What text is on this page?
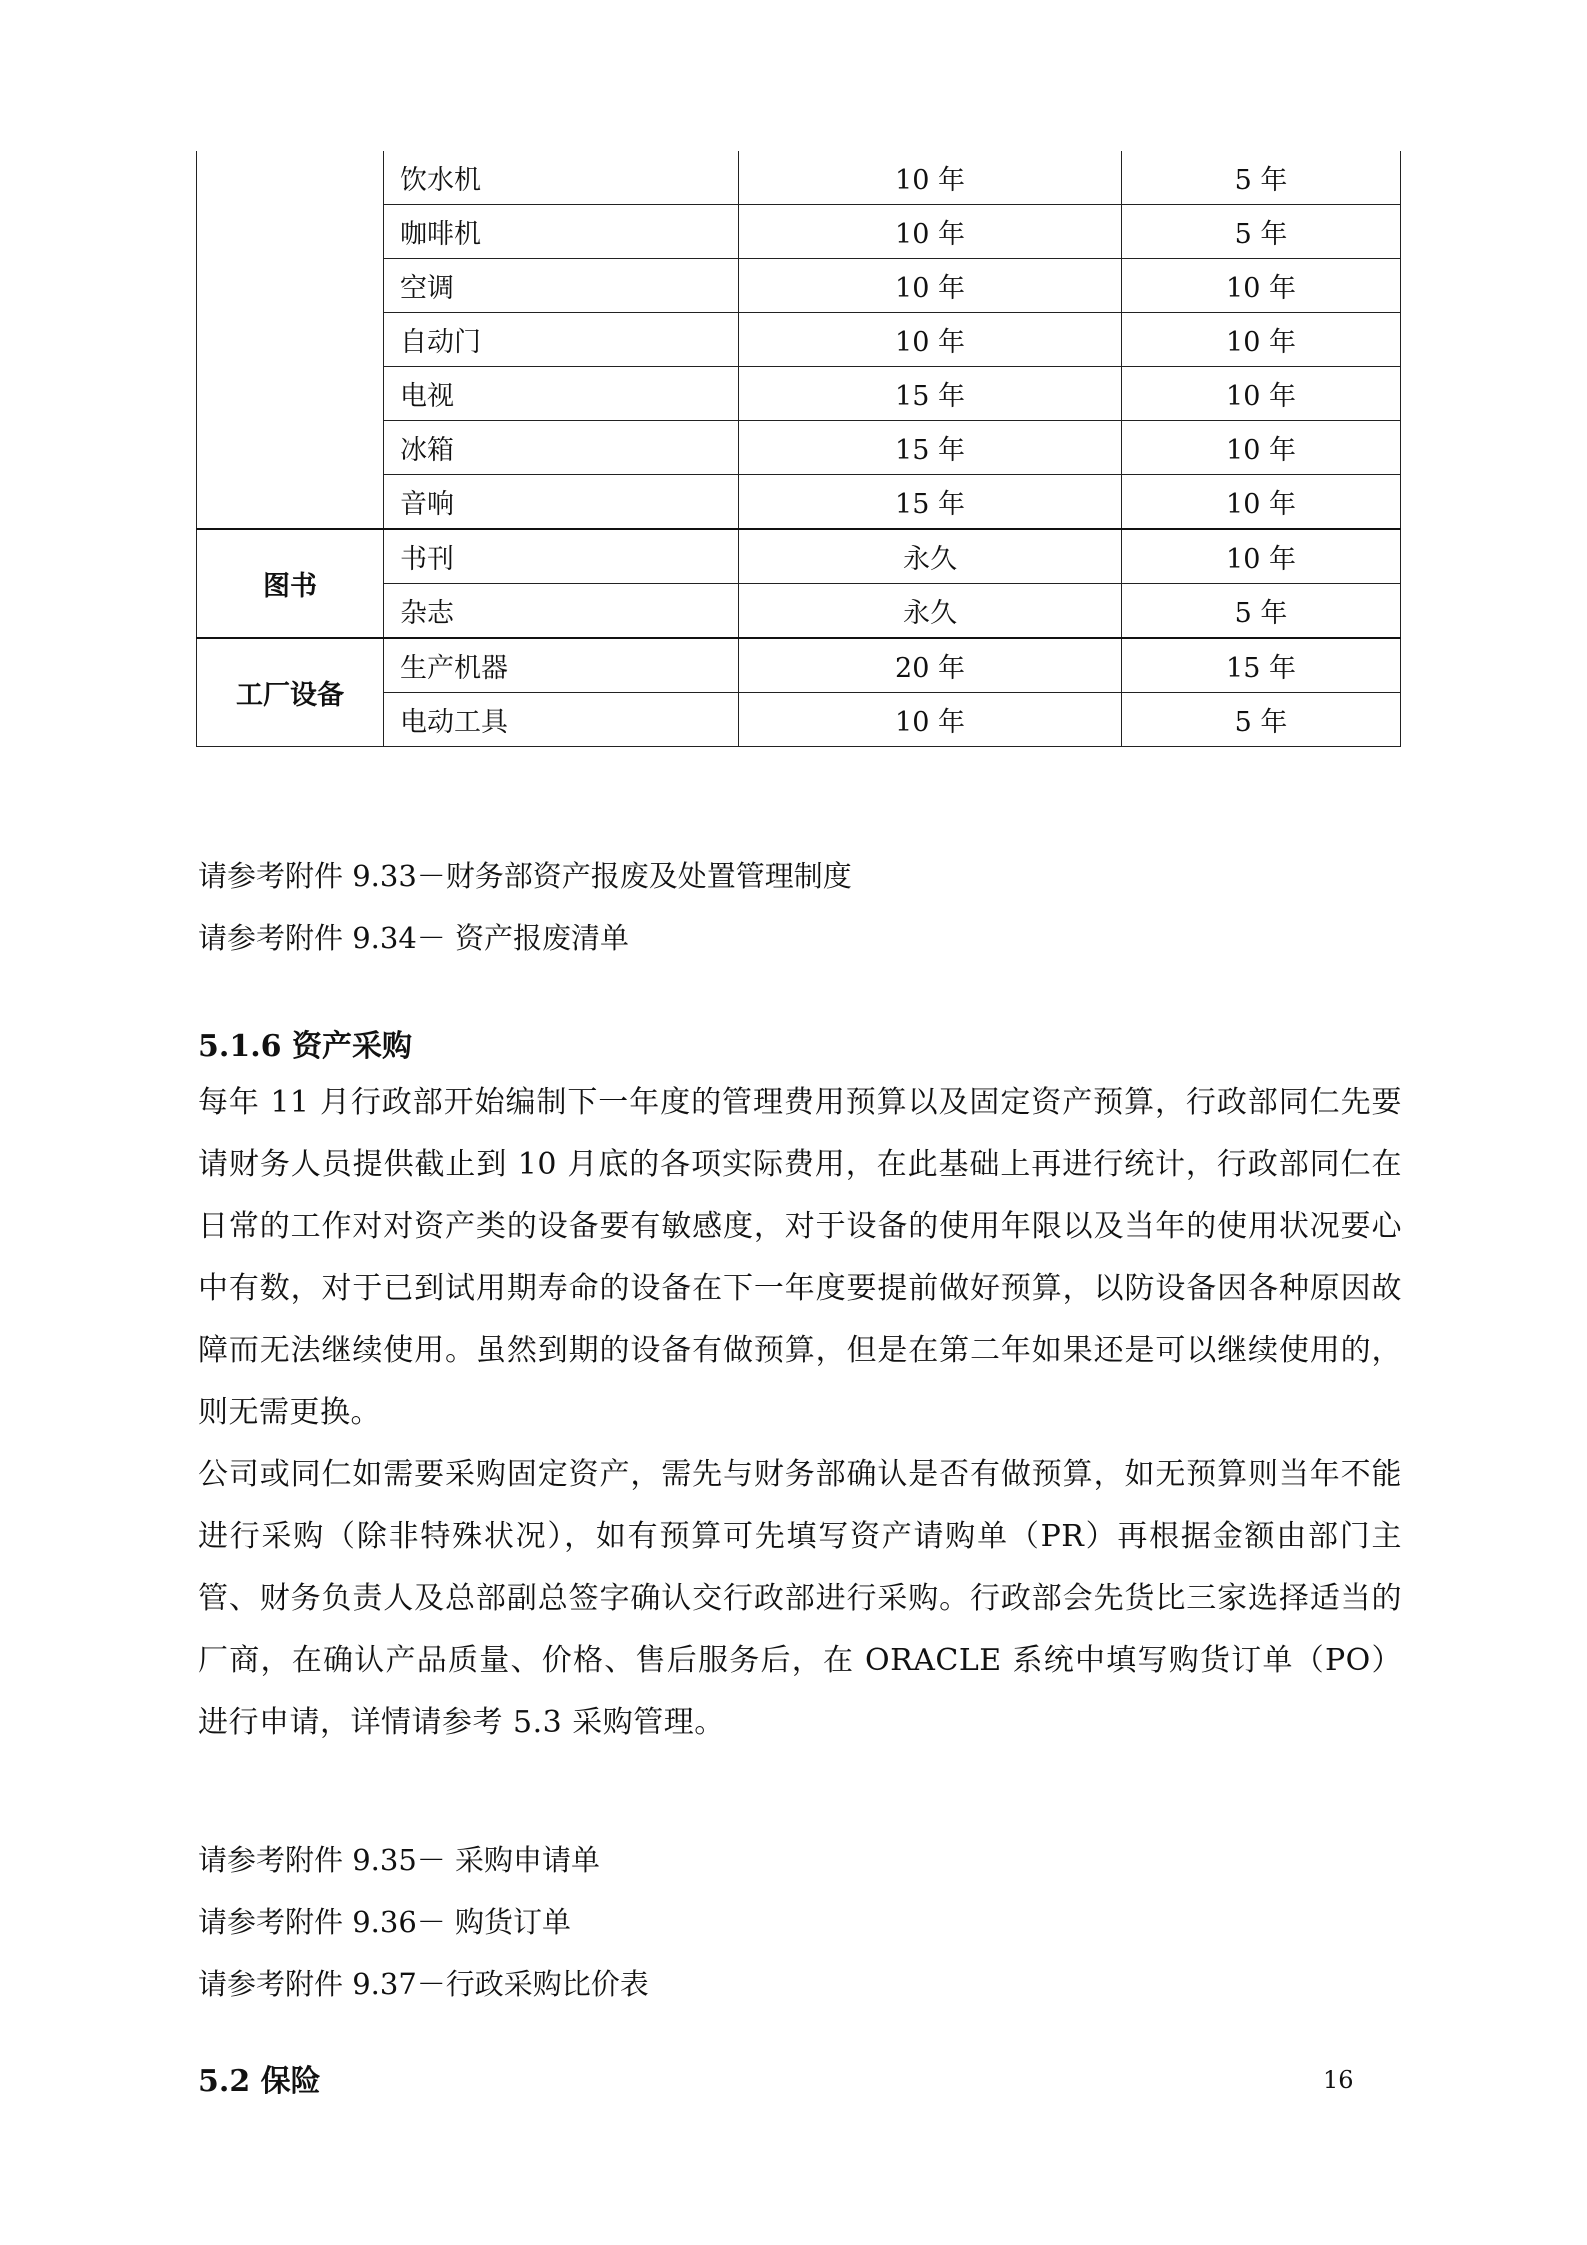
	饮水机	10 年	5 年
	咖啡机	10 年	5 年
	空调	10 年	10 年
	自动门	10 年	10 年
	电视	15 年	10 年
	冰箱	15 年	10 年
	音响	15 年	10 年
图书	书刊	永久	10 年
	杂志	永久	5 年
工厂设备	生产机器	20 年	15 年
	电动工具	10 年	5 年
请参考附件 9.33－财务部资产报废及处置管理制度
请参考附件 9.34－ 资产报废清单
5.1.6 资产采购
每年 11 月行政部开始编制下一年度的管理费用预算以及固定资产预算，行政部同仁先要请财务人员提供截止到 10 月底的各项实际费用，在此基础上再进行统计，行政部同仁在日常的工作对对资产类的设备要有敏感度，对于设备的使用年限以及当年的使用状况要心中有数，对于已到试用期寿命的设备在下一年度要提前做好预算，以防设备因各种原因故障而无法继续使用。虽然到期的设备有做预算，但是在第二年如果还是可以继续使用的，则无需更换。
公司或同仁如需要采购固定资产，需先与财务部确认是否有做预算，如无预算则当年不能进行采购（除非特殊状况），如有预算可先填写资产请购单（PR）再根据金额由部门主管、财务负责人及总部副总签字确认交行政部进行采购。行政部会先货比三家选择适当的厂商，在确认产品质量、价格、售后服务后，在 ORACLE 系统中填写购货订单（PO）进行申请，详情请参考 5.3 采购管理。
请参考附件 9.35－ 采购申请单
请参考附件 9.36－ 购货订单
请参考附件 9.37－行政采购比价表
5.2 保险	16
